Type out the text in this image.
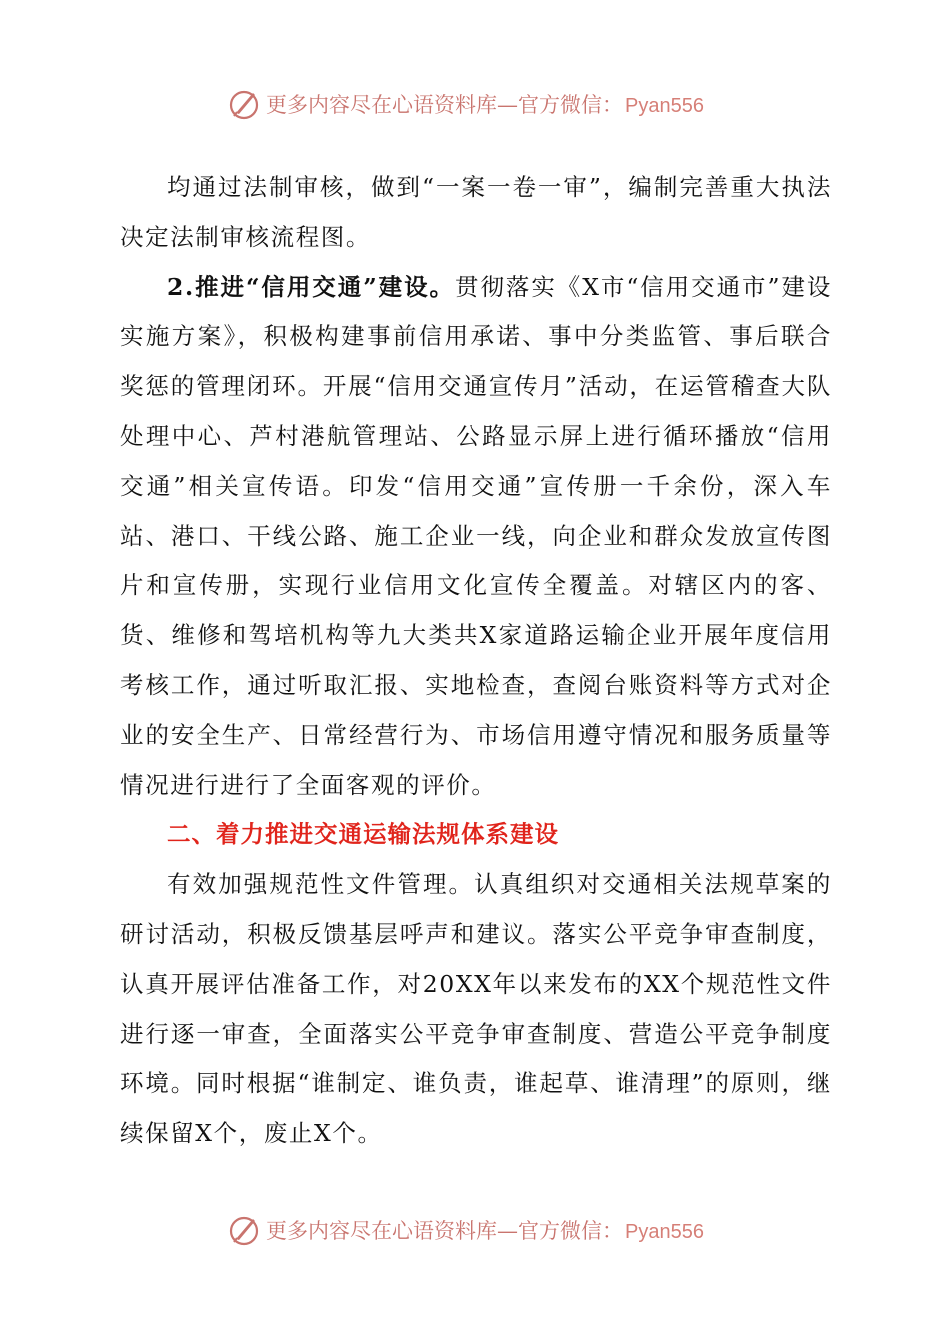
更多内容尽在心语资料库—官方微信： Pyan556

均通过法制审核，做到“一案一卷一审”，编制完善重大执法决定法制审核流程图。

2.推进“信用交通”建设。贯彻落实《X市“信用交通市”建设实施方案》，积极构建事前信用承诺、事中分类监管、事后联合奖惩的管理闭环。开展“信用交通宣传月”活动，在运管稽查大队处理中心、芦村港航管理站、公路显示屏上进行循环播放“信用交通”相关宣传语。印发“信用交通”宣传册一千余份，深入车站、港口、干线公路、施工企业一线，向企业和群众发放宣传图片和宣传册，实现行业信用文化宣传全覆盖。对辖区内的客、货、维修和驾培机构等九大类共X家道路运输企业开展年度信用考核工作，通过听取汇报、实地检查，查阅台账资料等方式对企业的安全生产、日常经营行为、市场信用遵守情况和服务质量等情况进行进行了全面客观的评价。

二、着力推进交通运输法规体系建设

有效加强规范性文件管理。认真组织对交通相关法规草案的研讨活动，积极反馈基层呼声和建议。落实公平竞争审查制度，认真开展评估准备工作，对20XX年以来发布的XX个规范性文件进行逐一审查，全面落实公平竞争审查制度、营造公平竞争制度环境。同时根据“谁制定、谁负责，谁起草、谁清理”的原则，继续保留X个，废止X个。

更多内容尽在心语资料库—官方微信： Pyan556
